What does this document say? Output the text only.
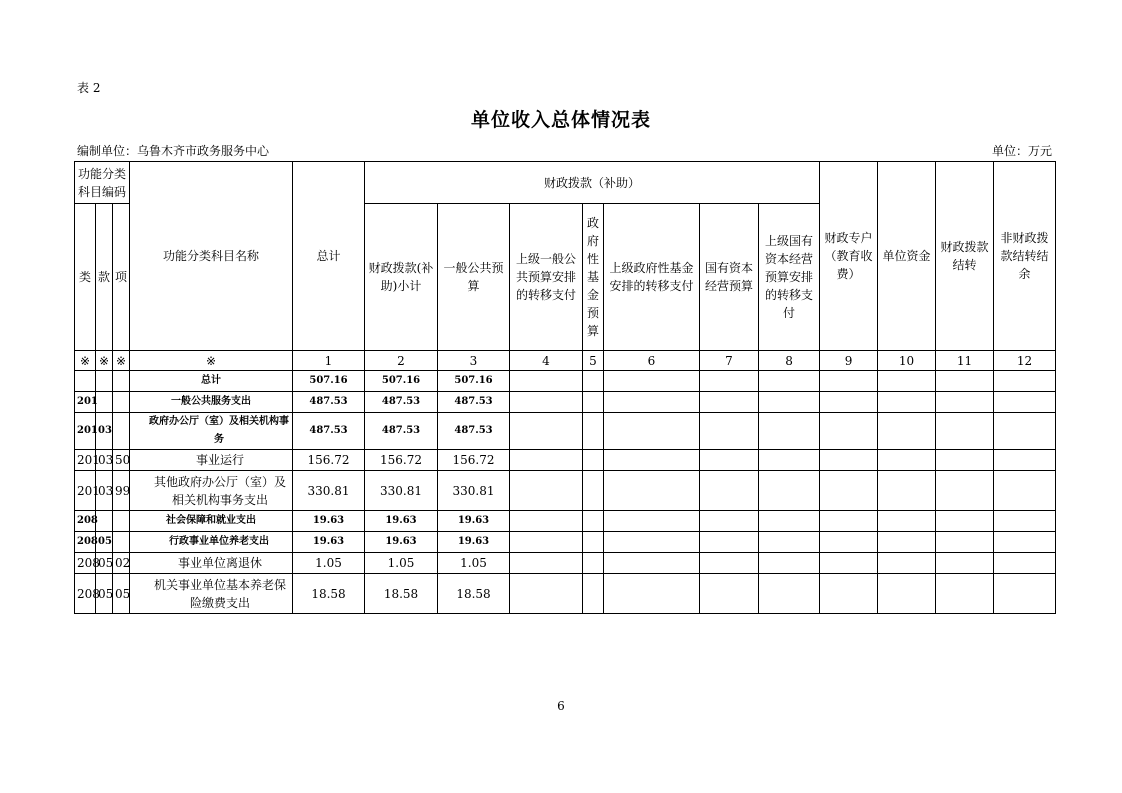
表 2
单位收入总体情况表
编制单位：乌鲁木齐市政务服务中心	单位：万元
功能分类科目编码			功能分类科目名称	总计	财政拨款（补助）							财政专户（教育收费）	单位资金	财政拨款结转	非财政拨款结转结余
类	款	项			财政拨款(补助)小计	一般公共预算	上级一般公共预算安排的转移支付	政府性基金预算	上级政府性基金安排的转移支付	国有资本经营预算	上级国有资本经营预算安排的转移支付				
※	※	※	※	1	2	3	4	5	6	7	8	9	10	11	12
			总计	507.16	507.16	507.16									
201			一般公共服务支出	487.53	487.53	487.53									
201	03		政府办公厅（室）及相关机构事务	487.53	487.53	487.53									
201	03	50	事业运行	156.72	156.72	156.72									
201	03	99	其他政府办公厅（室）及相关机构事务支出	330.81	330.81	330.81									
208			社会保障和就业支出	19.63	19.63	19.63									
208	05		行政事业单位养老支出	19.63	19.63	19.63									
208	05	02	事业单位离退休	1.05	1.05	1.05									
208	05	05	机关事业单位基本养老保险缴费支出	18.58	18.58	18.58									
6
